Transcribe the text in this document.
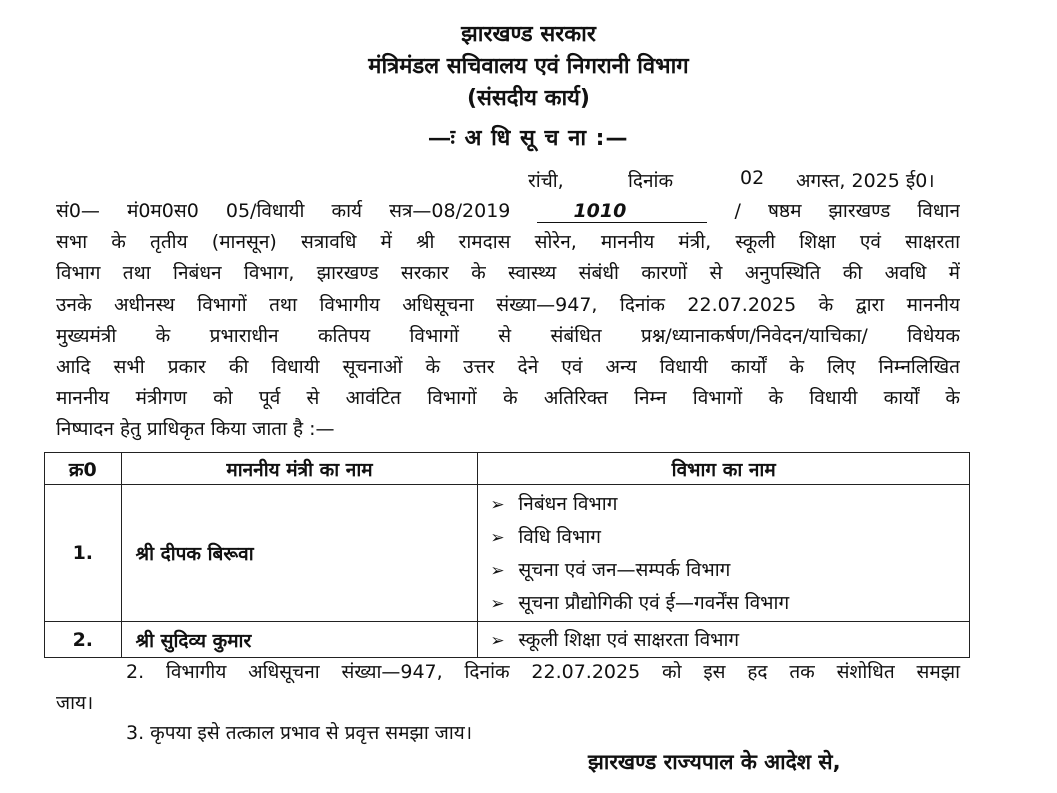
झारखण्ड सरकार
मंत्रिमंडल सचिवालय एवं निगरानी विभाग
(संसदीय कार्य)
—ः अ धि सू च ना :—
रांची,	दिनांक	02 अगस्त, 2025 ई0।
सं0— मं0म0स0 05/विधायी कार्य सत्र—08/2019	1010	/ षष्ठम झारखण्ड विधान
सभा के तृतीय (मानसून) सत्रावधि में श्री रामदास सोरेन, माननीय मंत्री, स्कूली शिक्षा एवं साक्षरता
विभाग तथा निबंधन विभाग, झारखण्ड सरकार के स्वास्थ्य संबंधी कारणों से अनुपस्थिति की अवधि में
उनके अधीनस्थ विभागों तथा विभागीय अधिसूचना संख्या—947, दिनांक 22.07.2025 के द्वारा माननीय
मुख्यमंत्री के प्रभाराधीन कतिपय विभागों से संबंधित प्रश्न/ध्यानाकर्षण/निवेदन/याचिका/ विधेयक
आदि सभी प्रकार की विधायी सूचनाओं के उत्तर देने एवं अन्य विधायी कार्यों के लिए निम्नलिखित
माननीय मंत्रीगण को पूर्व से आवंटित विभागों के अतिरिक्त निम्न विभागों के विधायी कार्यों के
निष्पादन हेतु प्राधिकृत किया जाता है :—
क्र0	माननीय मंत्री का नाम	विभाग का नाम
1.	श्री दीपक बिरूवा	➢ निबंधन विभाग
➢ विधि विभाग
➢ सूचना एवं जन—सम्पर्क विभाग
➢ सूचना प्रौद्योगिकी एवं ई—गवर्नेंस विभाग

2.	श्री सुदिव्य कुमार	➢ स्कूली शिक्षा एवं साक्षरता विभाग
2. विभागीय अधिसूचना संख्या—947, दिनांक 22.07.2025 को इस हद तक संशोधित समझा
जाय।
3. कृपया इसे तत्काल प्रभाव से प्रवृत्त समझा जाय।
झारखण्ड राज्यपाल के आदेश से,
